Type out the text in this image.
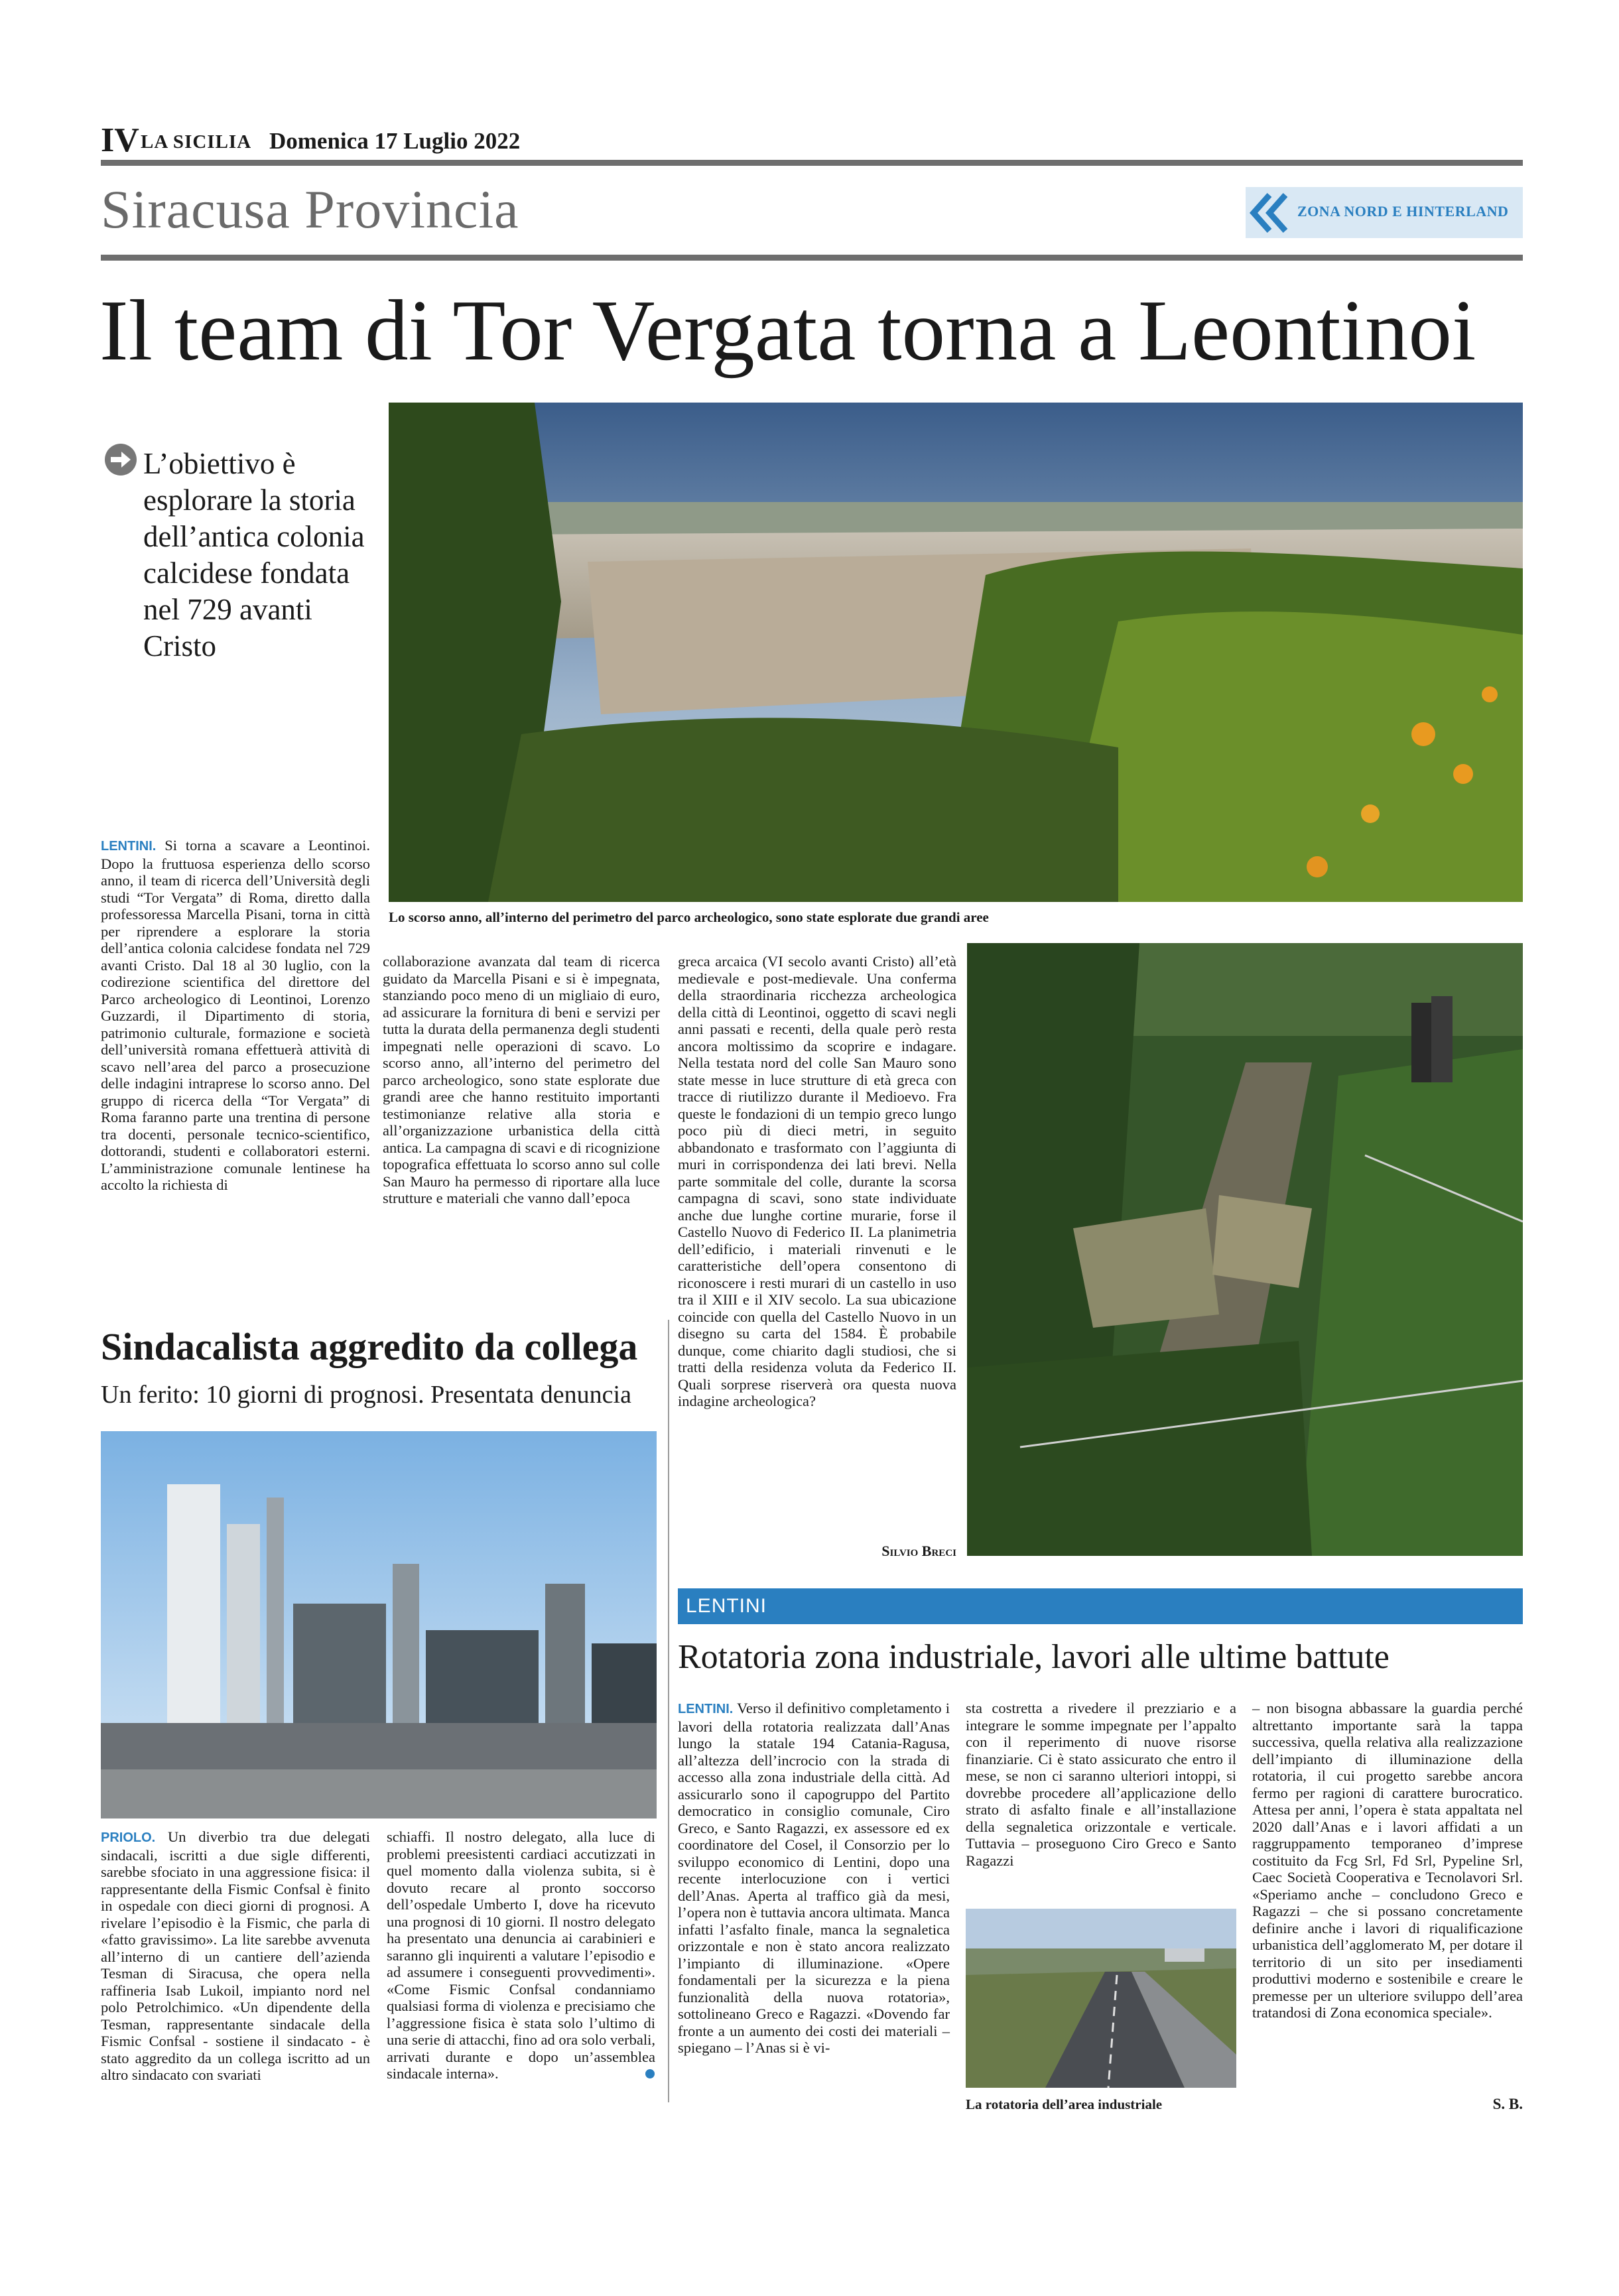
IV LA SICILIA Domenica 17 Luglio 2022
Siracusa Provincia	ZONA NORD E HINTERLAND
Il team di Tor Vergata torna a Leontinoi
L’obiettivo è esplorare la storia dell’antica colonia calcidese fondata nel 729 avanti Cristo
Lo scorso anno, all’interno del perimetro del parco archeologico, sono state esplorate due grandi aree
LENTINI. Si torna a scavare a Leontinoi. Dopo la fruttuosa esperienza dello scorso anno, il team di ricerca dell’Università degli studi “Tor Vergata” di Roma, diretto dalla professoressa Marcella Pisani, torna in città per riprendere a esplorare la storia dell’antica colonia calcidese fondata nel 729 avanti Cristo. Dal 18 al 30 luglio, con la codirezione scientifica del direttore del Parco archeologico di Leontinoi, Lorenzo Guzzardi, il Dipartimento di storia, patrimonio culturale, formazione e società dell’università romana effettuerà attività di scavo nell’area del parco a prosecuzione delle indagini intraprese lo scorso anno. Del gruppo di ricerca della “Tor Vergata” di Roma faranno parte una trentina di persone tra docenti, personale tecnico-scientifico, dottorandi, studenti e collaboratori esterni. L’amministrazione comunale lentinese ha accolto la richiesta di
collaborazione avanzata dal team di ricerca guidato da Marcella Pisani e si è impegnata, stanziando poco meno di un migliaio di euro, ad assicurare la fornitura di beni e servizi per tutta la durata della permanenza degli studenti impegnati nelle operazioni di scavo. Lo scorso anno, all’interno del perimetro del parco archeologico, sono state esplorate due grandi aree che hanno restituito importanti testimonianze relative alla storia e all’organizzazione urbanistica della città antica. La campagna di scavi e di ricognizione topografica effettuata lo scorso anno sul colle San Mauro ha permesso di riportare alla luce strutture e materiali che vanno dall’epoca
greca arcaica (VI secolo avanti Cristo) all’età medievale e post-medievale. Una conferma della straordinaria ricchezza archeologica della città di Leontinoi, oggetto di scavi negli anni passati e recenti, della quale però resta ancora moltissimo da scoprire e indagare. Nella testata nord del colle San Mauro sono state messe in luce strutture di età greca con tracce di riutilizzo durante il Medioevo. Fra queste le fondazioni di un tempio greco lungo poco più di dieci metri, in seguito abbandonato e trasformato con l’aggiunta di muri in corrispondenza dei lati brevi. Nella parte sommitale del colle, durante la scorsa campagna di scavi, sono state individuate anche due lunghe cortine murarie, forse il Castello Nuovo di Federico II. La planimetria dell’edificio, i materiali rinvenuti e le caratteristiche dell’opera consentono di riconoscere i resti murari di un castello in uso tra il XIII e il XIV secolo. La sua ubicazione coincide con quella del Castello Nuovo in un disegno su carta del 1584. È probabile dunque, come chiarito dagli studiosi, che si tratti della residenza voluta da Federico II. Quali sorprese riserverà ora questa nuova indagine archeologica?
Silvio Breci
Sindacalista aggredito da collega
Un ferito: 10 giorni di prognosi. Presentata denuncia
PRIOLO. Un diverbio tra due delegati sindacali, iscritti a due sigle differenti, sarebbe sfociato in una aggressione fisica: il rappresentante della Fismic Confsal è finito in ospedale con dieci giorni di prognosi. A rivelare l’episodio è la Fismic, che parla di «fatto gravissimo». La lite sarebbe avvenuta all’interno di un cantiere dell’azienda Tesman di Siracusa, che opera nella raffineria Isab Lukoil, impianto nord nel polo Petrolchimico. «Un dipendente della Tesman, rappresentante sindacale della Fismic Confsal - sostiene il sindacato - è stato aggredito da un collega iscritto ad un altro sindacato con svariati
schiaffi. Il nostro delegato, alla luce di problemi preesistenti cardiaci accutizzati in quel momento dalla violenza subita, si è dovuto recare al pronto soccorso dell’ospedale Umberto I, dove ha ricevuto una prognosi di 10 giorni. Il nostro delegato ha presentato una denuncia ai carabinieri e saranno gli inquirenti a valutare l’episodio e ad assumere i conseguenti provvedimenti». «Come Fismic Confsal condanniamo qualsiasi forma di violenza e precisiamo che l’aggressione fisica è stata solo l’ultimo di una serie di attacchi, fino ad ora solo verbali, arrivati durante e dopo un’assemblea sindacale interna».
LENTINI
Rotatoria zona industriale, lavori alle ultime battute
LENTINI. Verso il definitivo completamento i lavori della rotatoria realizzata dall’Anas lungo la statale 194 Catania-Ragusa, all’altezza dell’incrocio con la strada di accesso alla zona industriale della città. Ad assicurarlo sono il capogruppo del Partito democratico in consiglio comunale, Ciro Greco, e Santo Ragazzi, ex assessore ed ex coordinatore del Cosel, il Consorzio per lo sviluppo economico di Lentini, dopo una recente interlocuzione con i vertici dell’Anas. Aperta al traffico già da mesi, l’opera non è tuttavia ancora ultimata. Manca infatti l’asfalto finale, manca la segnaletica orizzontale e non è stato ancora realizzato l’impianto di illuminazione. «Opere fondamentali per la sicurezza e la piena funzionalità della nuova rotatoria», sottolineano Greco e Ragazzi. «Dovendo far fronte a un aumento dei costi dei materiali – spiegano – l’Anas si è vi-
sta costretta a rivedere il prezziario e a integrare le somme impegnate per l’appalto con il reperimento di nuove risorse finanziarie. Ci è stato assicurato che entro il mese, se non ci saranno ulteriori intoppi, si dovrebbe procedere all’applicazione dello strato di asfalto finale e all’installazione della segnaletica orizzontale e verticale. Tuttavia – proseguono Ciro Greco e Santo Ragazzi
La rotatoria dell’area industriale
– non bisogna abbassare la guardia perché altrettanto importante sarà la tappa successiva, quella relativa alla realizzazione dell’impianto di illuminazione della rotatoria, il cui progetto sarebbe ancora fermo per ragioni di carattere burocratico. Attesa per anni, l’opera è stata appaltata nel 2020 dall’Anas e i lavori affidati a un raggruppamento temporaneo d’imprese costituito da Fcg Srl, Fd Srl, Pypeline Srl, Caec Società Cooperativa e Tecnolavori Srl. «Speriamo anche – concludono Greco e Ragazzi – che si possano concretamente definire anche i lavori di riqualificazione urbanistica dell’agglomerato M, per dotare il territorio di un sito per insediamenti produttivi moderno e sostenibile e creare le premesse per un ulteriore sviluppo dell’area tratandosi di Zona economica speciale».
S. B.
